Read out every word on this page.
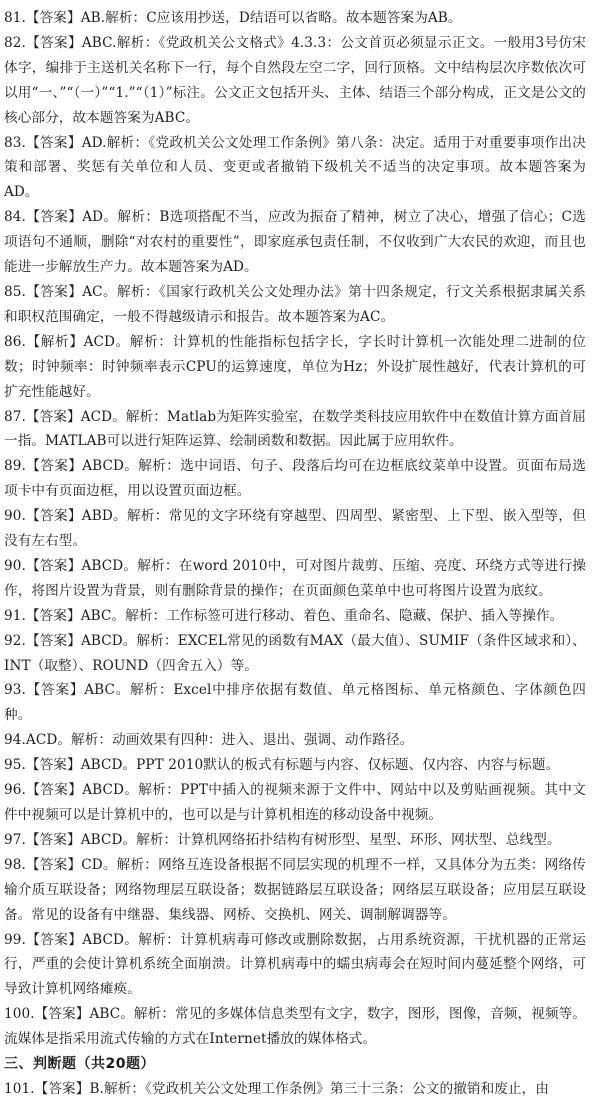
81.【答案】AB.解析：C应该用抄送，D结语可以省略。故本题答案为AB。

82.【答案】ABC.解析：《党政机关公文格式》4.3.3：公文首页必须显示正文。一般用3号仿宋体字，编排于主送机关名称下一行，每个自然段左空二字，回行顶格。文中结构层次序数依次可以用“一、”“（一）”“1.”“（1）”标注。公文正文包括开头、主体、结语三个部分构成，正文是公文的核心部分，故本题答案为ABC。

83.【答案】AD.解析：《党政机关公文处理工作条例》第八条：决定。适用于对重要事项作出决策和部署、奖惩有关单位和人员、变更或者撤销下级机关不适当的决定事项。故本题答案为AD。

84.【答案】AD。解析：B选项搭配不当，应改为振奋了精神，树立了决心，增强了信心；C选项语句不通顺，删除“对农村的重要性”，即家庭承包责任制，不仅收到广大农民的欢迎，而且也能进一步解放生产力。故本题答案为AD。

85.【答案】AC。解析：《国家行政机关公文处理办法》第十四条规定，行文关系根据隶属关系和职权范围确定，一般不得越级请示和报告。故本题答案为AC。

86.【解析】ACD。解析：计算机的性能指标包括字长，字长时计算机一次能处理二进制的位数；时钟频率：时钟频率表示CPU的运算速度，单位为Hz；外设扩展性越好，代表计算机的可扩充性能越好。

87.【答案】ACD。解析：Matlab为矩阵实验室，在数学类科技应用软件中在数值计算方面首屈一指。MATLAB可以进行矩阵运算、绘制函数和数据。因此属于应用软件。

89.【答案】ABCD。解析：选中词语、句子、段落后均可在边框底纹菜单中设置。页面布局选项卡中有页面边框，用以设置页面边框。

90.【答案】ABD。解析：常见的文字环绕有穿越型、四周型、紧密型、上下型、嵌入型等，但没有左右型。

90.【答案】ABCD。解析：在word 2010中，可对图片裁剪、压缩、亮度、环绕方式等进行操作，将图片设置为背景，则有删除背景的操作；在页面颜色菜单中也可将图片设置为底纹。

91.【答案】ABC。解析：工作标签可进行移动、着色、重命名、隐藏、保护、插入等操作。

92.【答案】ABCD。解析：EXCEL常见的函数有MAX（最大值）、SUMIF（条件区域求和）、INT（取整）、ROUND（四舍五入）等。

93.【答案】ABC。解析：Excel中排序依据有数值、单元格图标、单元格颜色、字体颜色四种。

94.ACD。解析：动画效果有四种：进入、退出、强调、动作路径。

95.【答案】ABCD。PPT 2010默认的板式有标题与内容、仅标题、仅内容、内容与标题。

96.【答案】ABCD。解析：PPT中插入的视频来源于文件中、网站中以及剪贴画视频。其中文件中视频可以是计算机中的，也可以是与计算机相连的移动设备中视频。

97.【答案】ABCD。解析：计算机网络拓扑结构有树形型、星型、环形、网状型、总线型。

98.【答案】CD。解析：网络互连设备根据不同层实现的机理不一样，又具体分为五类：网络传输介质互联设备；网络物理层互联设备；数据链路层互联设备；网络层互联设备；应用层互联设备。常见的设备有中继器、集线器、网桥、交换机、网关、调制解调器等。

99.【答案】ABCD。解析：计算机病毒可修改或删除数据，占用系统资源，干扰机器的正常运行，严重的会使计算机系统全面崩溃。计算机病毒中的蠕虫病毒会在短时间内蔓延整个网络，可导致计算机网络瘫痪。

100.【答案】ABC。解析：常见的多媒体信息类型有文字，数字，图形，图像，音频，视频等。流媒体是指采用流式传输的方式在Internet播放的媒体格式。

三、判断题（共20题）

101.【答案】B.解析：《党政机关公文处理工作条例》第三十三条：公文的撤销和废止，由
